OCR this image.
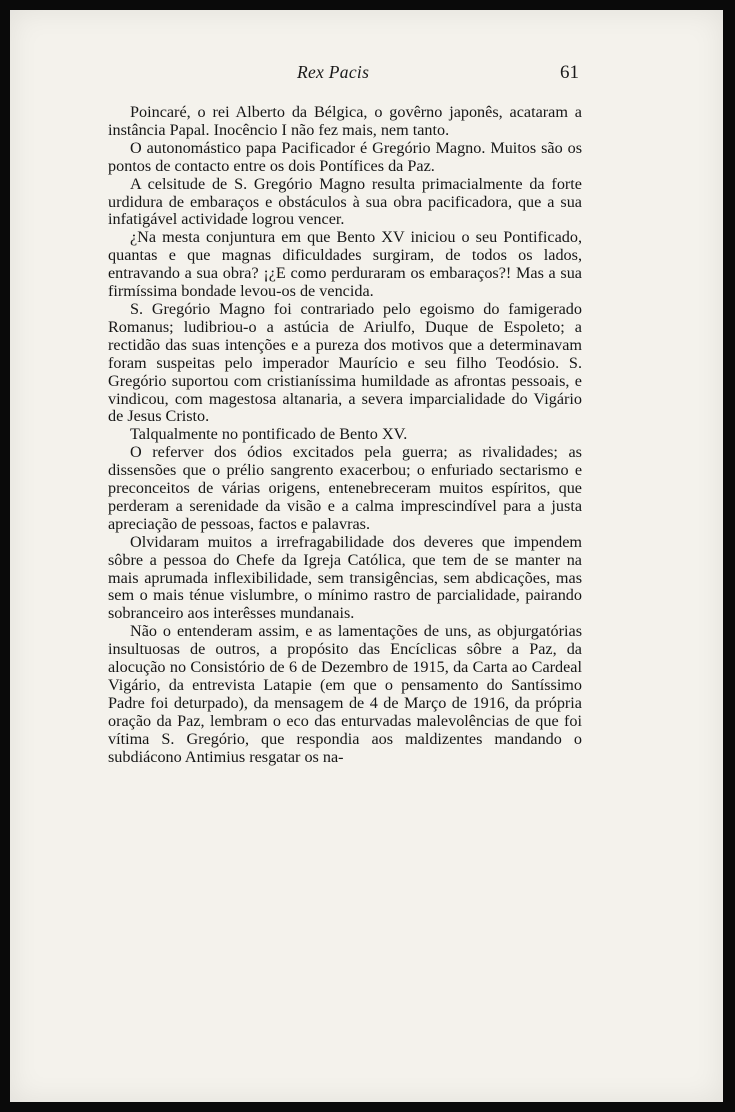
Rex Pacis	61

Poincaré, o rei Alberto da Bélgica, o govêrno japonês, acataram a instância Papal. Inocêncio I não fez mais, nem tanto.

O autonomástico papa Pacificador é Gregório Magno. Muitos são os pontos de contacto entre os dois Pontífices da Paz.

A celsitude de S. Gregório Magno resulta primacialmente da forte urdidura de embaraços e obstáculos à sua obra pacificadora, que a sua infatigável actividade logrou vencer.

¿Na mesta conjuntura em que Bento XV iniciou o seu Pontificado, quantas e que magnas dificuldades surgiram, de todos os lados, entravando a sua obra? ¡¿E como perduraram os embaraços?! Mas a sua firmíssima bondade levou-os de vencida.

S. Gregório Magno foi contrariado pelo egoismo do famigerado Romanus; ludibriou-o a astúcia de Ariulfo, Duque de Espoleto; a rectidão das suas intenções e a pureza dos motivos que a determinavam foram suspeitas pelo imperador Maurício e seu filho Teodósio. S. Gregório suportou com cristianíssima humildade as afrontas pessoais, e vindicou, com magestosa altanaria, a severa imparcialidade do Vigário de Jesus Cristo.

Talqualmente no pontificado de Bento XV.

O referver dos ódios excitados pela guerra; as rivalidades; as dissensões que o prélio sangrento exacerbou; o enfuriado sectarismo e preconceitos de várias origens, entenebreceram muitos espíritos, que perderam a serenidade da visão e a calma imprescindível para a justa apreciação de pessoas, factos e palavras.

Olvidaram muitos a irrefragabilidade dos deveres que impendem sôbre a pessoa do Chefe da Igreja Católica, que tem de se manter na mais aprumada inflexibilidade, sem transigências, sem abdicações, mas sem o mais ténue vislumbre, o mínimo rastro de parcialidade, pairando sobranceiro aos interêsses mundanais.

Não o entenderam assim, e as lamentações de uns, as objurgatórias insultuosas de outros, a propósito das Encíclicas sôbre a Paz, da alocução no Consistório de 6 de Dezembro de 1915, da Carta ao Cardeal Vigário, da entrevista Latapie (em que o pensamento do Santíssimo Padre foi deturpado), da mensagem de 4 de Março de 1916, da própria oração da Paz, lembram o eco das enturvadas malevolências de que foi vítima S. Gregório, que respondia aos maldizentes mandando o subdiácono Antimius resgatar os na-
